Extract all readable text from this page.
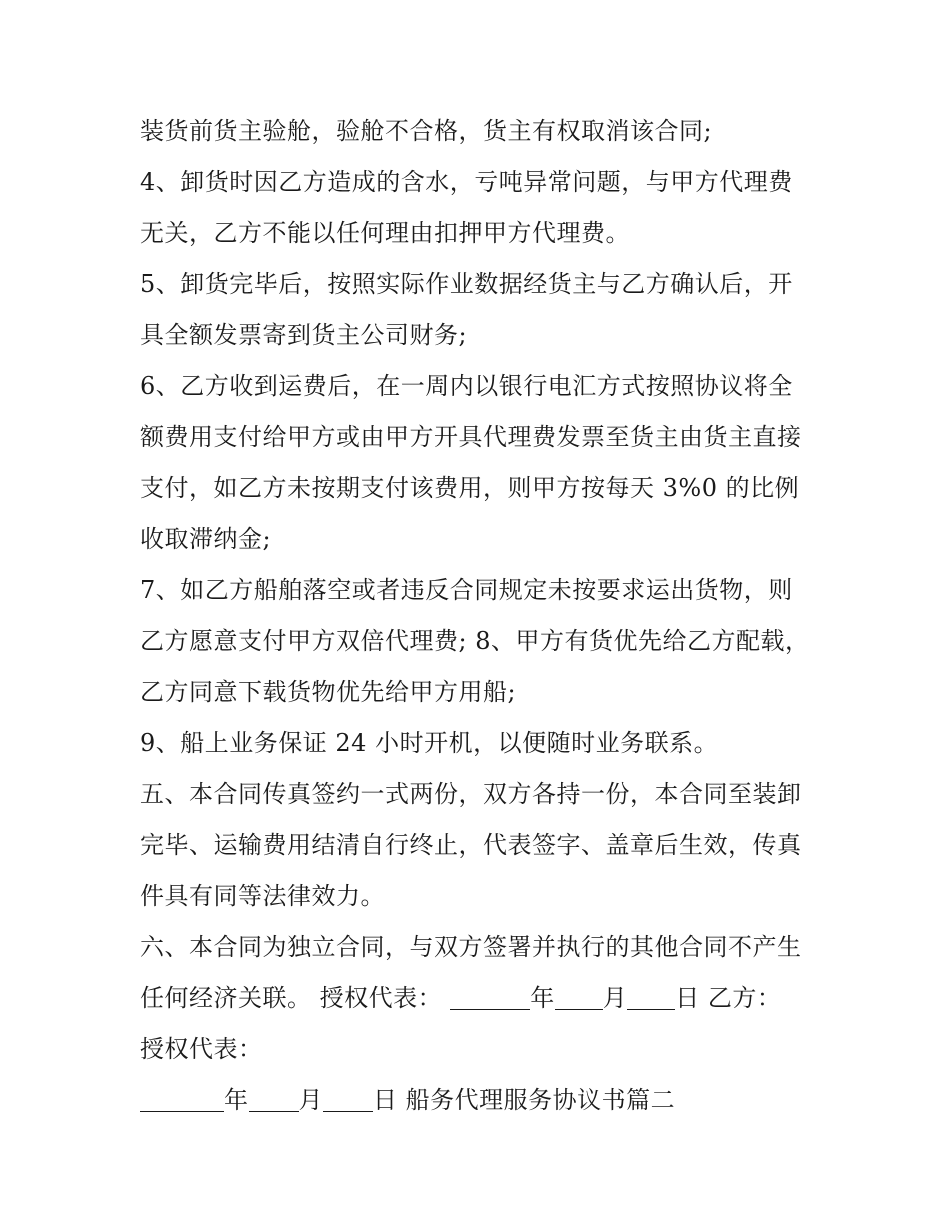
装货前货主验舱，验舱不合格，货主有权取消该合同;
4、卸货时因乙方造成的含水，亏吨异常问题，与甲方代理费
无关，乙方不能以任何理由扣押甲方代理费。
5、卸货完毕后，按照实际作业数据经货主与乙方确认后，开
具全额发票寄到货主公司财务;
6、乙方收到运费后，在一周内以银行电汇方式按照协议将全
额费用支付给甲方或由甲方开具代理费发票至货主由货主直接
支付，如乙方未按期支付该费用，则甲方按每天 3%0 的比例
收取滞纳金;
7、如乙方船舶落空或者违反合同规定未按要求运出货物，则
乙方愿意支付甲方双倍代理费; 8、甲方有货优先给乙方配载，
乙方同意下载货物优先给甲方用船;
9、船上业务保证 24 小时开机，以便随时业务联系。
五、本合同传真签约一式两份，双方各持一份，本合同至装卸
完毕、运输费用结清自行终止，代表签字、盖章后生效，传真
件具有同等法律效力。
六、本合同为独立合同，与双方签署并执行的其他合同不产生
任何经济关联。 授权代表：	年 月 日 乙方：
授权代表：
年 月 日 船务代理服务协议书篇二
